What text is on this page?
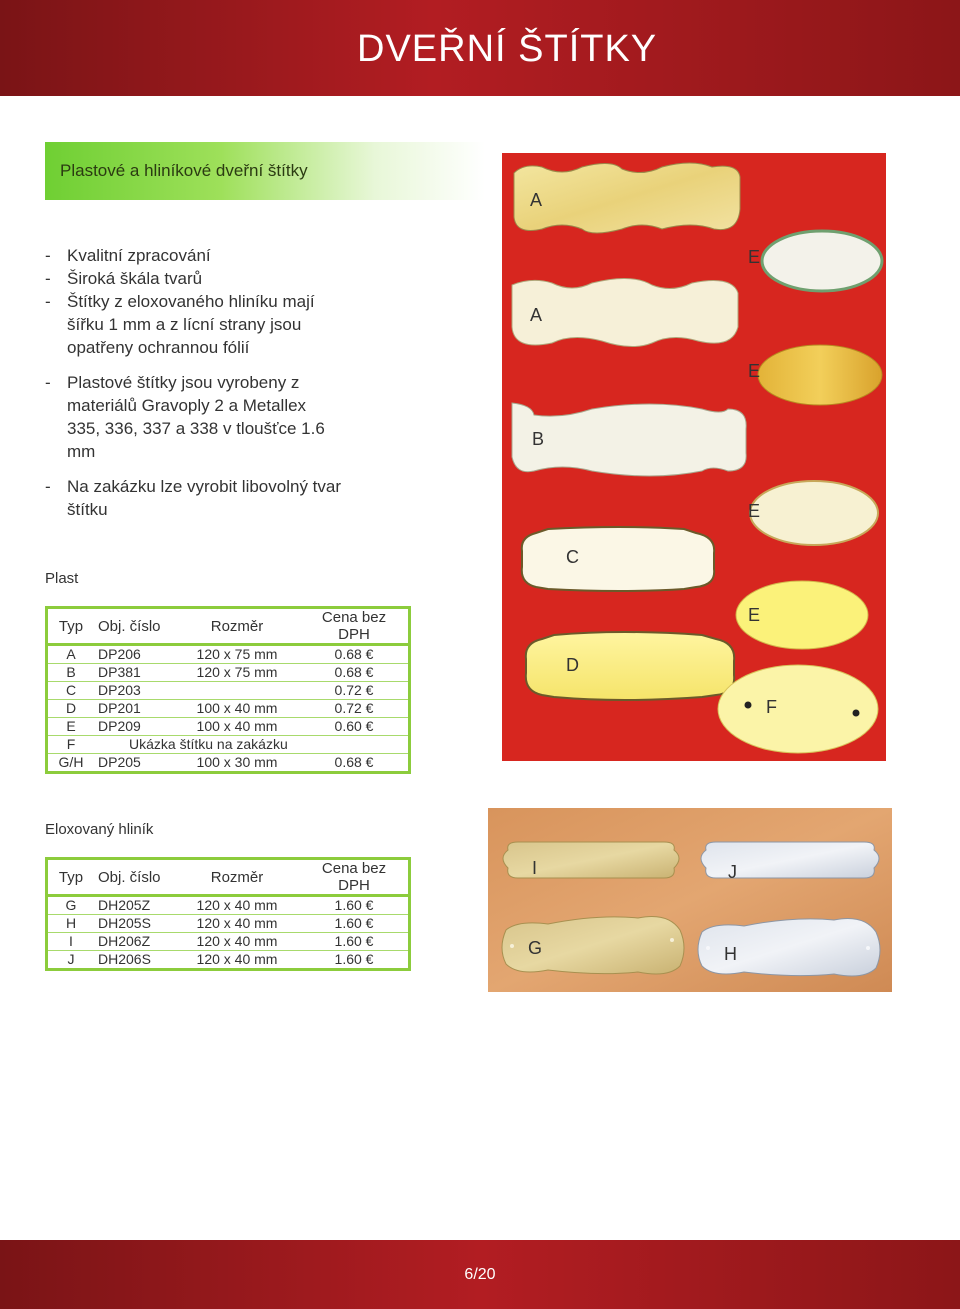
DVEŘNÍ ŠTÍTKY
Plastové a hliníkové dveřní štítky
- Kvalitní zpracování
- Široká škála tvarů
- Štítky z eloxovaného hliníku mají šířku 1 mm a z lícní strany jsou opatřeny ochrannou fólií
- Plastové štítky jsou vyrobeny z materiálů Gravoply 2 a Metallex 335, 336, 337 a 338 v tloušťce 1.6 mm
- Na zakázku lze vyrobit libovolný tvar štítku
Plast
Typ	Obj. číslo	Rozměr	Cena bez DPH
A	DP206	120 x 75 mm	0.68 €
B	DP381	120 x 75 mm	0.68 €
C	DP203		0.72 €
D	DP201	100 x 40 mm	0.72 €
E	DP209	100 x 40 mm	0.60 €
F	Ukázka štítku na zakázku		
G/H	DP205	100 x 30 mm	0.68 €
Eloxovaný hliník
Typ	Obj. číslo	Rozměr	Cena bez DPH
G	DH205Z	120 x 40 mm	1.60 €
H	DH205S	120 x 40 mm	1.60 €
I	DH206Z	120 x 40 mm	1.60 €
J	DH206S	120 x 40 mm	1.60 €
A
A
B
C
D
E
E
E
E
F
I	J
G	H
6/20
